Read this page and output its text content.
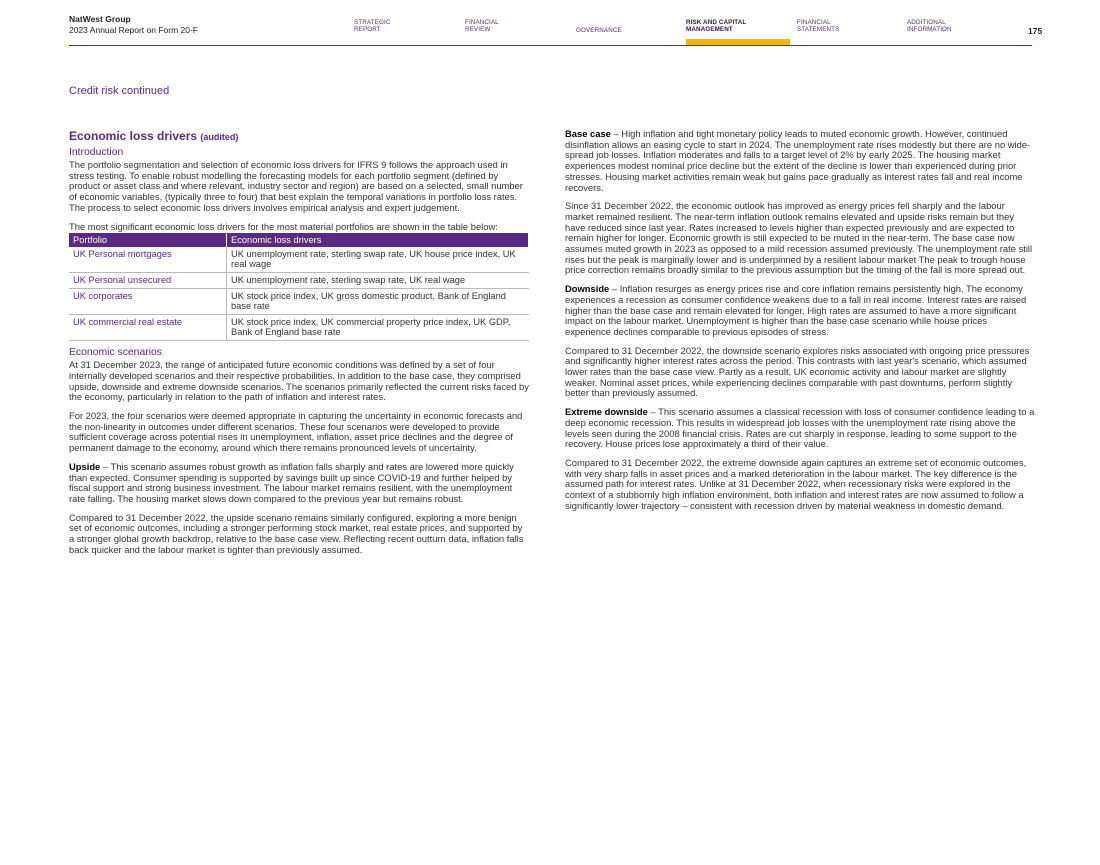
NatWest Group
2023 Annual Report on Form 20-F
STRATEGIC
REPORT
FINANCIAL
REVIEW	GOVERNANCE
RISK AND CAPITAL
MANAGEMENT
FINANCIAL
STATEMENTS
ADDITIONAL
INFORMATION	175
Credit risk continued
Economic loss drivers (audited)
Introduction

The portfolio segmentation and selection of economic loss drivers for IFRS 9 follows the approach used in stress testing. To enable robust modelling the forecasting models for each portfolio segment (defined by product or asset class and where relevant, industry sector and region) are based on a selected, small number of economic variables, (typically three to four) that best explain the temporal variations in portfolio loss rates. The process to select economic loss drivers involves empirical analysis and expert judgement.

The most significant economic loss drivers for the most material portfolios are shown in the table below:

Portfolio	Economic loss drivers
UK Personal mortgages	UK unemployment rate, sterling swap rate, UK house price index, UK real wage
UK Personal unsecured	UK unemployment rate, sterling swap rate, UK real wage
UK corporates	UK stock price index, UK gross domestic product, Bank of England base rate
UK commercial real estate	UK stock price index, UK commercial property price index, UK GDP, Bank of England base rate
Economic scenarios

At 31 December 2023, the range of anticipated future economic conditions was defined by a set of four internally developed scenarios and their respective probabilities. In addition to the base case, they comprised upside, downside and extreme downside scenarios. The scenarios primarily reflected the current risks faced by the economy, particularly in relation to the path of inflation and interest rates.

For 2023, the four scenarios were deemed appropriate in capturing the uncertainty in economic forecasts and the non-linearity in outcomes under different scenarios. These four scenarios were developed to provide sufficient coverage across potential rises in unemployment, inflation, asset price declines and the degree of permanent damage to the economy, around which there remains pronounced levels of uncertainty.

Upside – This scenario assumes robust growth as inflation falls sharply and rates are lowered more quickly than expected. Consumer spending is supported by savings built up since COVID-19 and further helped by fiscal support and strong business investment. The labour market remains resilient, with the unemployment rate falling. The housing market slows down compared to the previous year but remains robust.

Compared to 31 December 2022, the upside scenario remains similarly configured, exploring a more benign set of economic outcomes, including a stronger performing stock market, real estate prices, and supported by a stronger global growth backdrop, relative to the base case view. Reflecting recent outturn data, inflation falls back quicker and the labour market is tighter than previously assumed.

Base case – High inflation and tight monetary policy leads to muted economic growth. However, continued disinflation allows an easing cycle to start in 2024. The unemployment rate rises modestly but there are no wide-spread job losses. Inflation moderates and falls to a target level of 2% by early 2025. The housing market experiences modest nominal price decline but the extent of the decline is lower than experienced during prior stresses. Housing market activities remain weak but gains pace gradually as interest rates fall and real income recovers.

Since 31 December 2022, the economic outlook has improved as energy prices fell sharply and the labour market remained resilient. The near-term inflation outlook remains elevated and upside risks remain but they have reduced since last year. Rates increased to levels higher than expected previously and are expected to remain higher for longer. Economic growth is still expected to be muted in the near-term. The base case now assumes muted growth in 2023 as opposed to a mild recession assumed previously. The unemployment rate still rises but the peak is marginally lower and is underpinned by a resilient labour market The peak to trough house price correction remains broadly similar to the previous assumption but the timing of the fall is more spread out.

Downside – Inflation resurges as energy prices rise and core inflation remains persistently high. The economy experiences a recession as consumer confidence weakens due to a fall in real income. Interest rates are raised higher than the base case and remain elevated for longer. High rates are assumed to have a more significant impact on the labour market. Unemployment is higher than the base case scenario while house prices experience declines comparable to previous episodes of stress.

Compared to 31 December 2022, the downside scenario explores risks associated with ongoing price pressures and significantly higher interest rates across the period. This contrasts with last year's scenario, which assumed lower rates than the base case view. Partly as a result, UK economic activity and labour market are slightly weaker. Nominal asset prices, while experiencing declines comparable with past downturns, perform slightly better than previously assumed.

Extreme downside – This scenario assumes a classical recession with loss of consumer confidence leading to a deep economic recession. This results in widespread job losses with the unemployment rate rising above the levels seen during the 2008 financial crisis. Rates are cut sharply in response, leading to some support to the recovery. House prices lose approximately a third of their value.

Compared to 31 December 2022, the extreme downside again captures an extreme set of economic outcomes, with very sharp falls in asset prices and a marked deterioration in the labour market. The key difference is the assumed path for interest rates. Unlike at 31 December 2022, when recessionary risks were explored in the context of a stubbornly high inflation environment, both inflation and interest rates are now assumed to follow a significantly lower trajectory – consistent with recession driven by material weakness in domestic demand.
